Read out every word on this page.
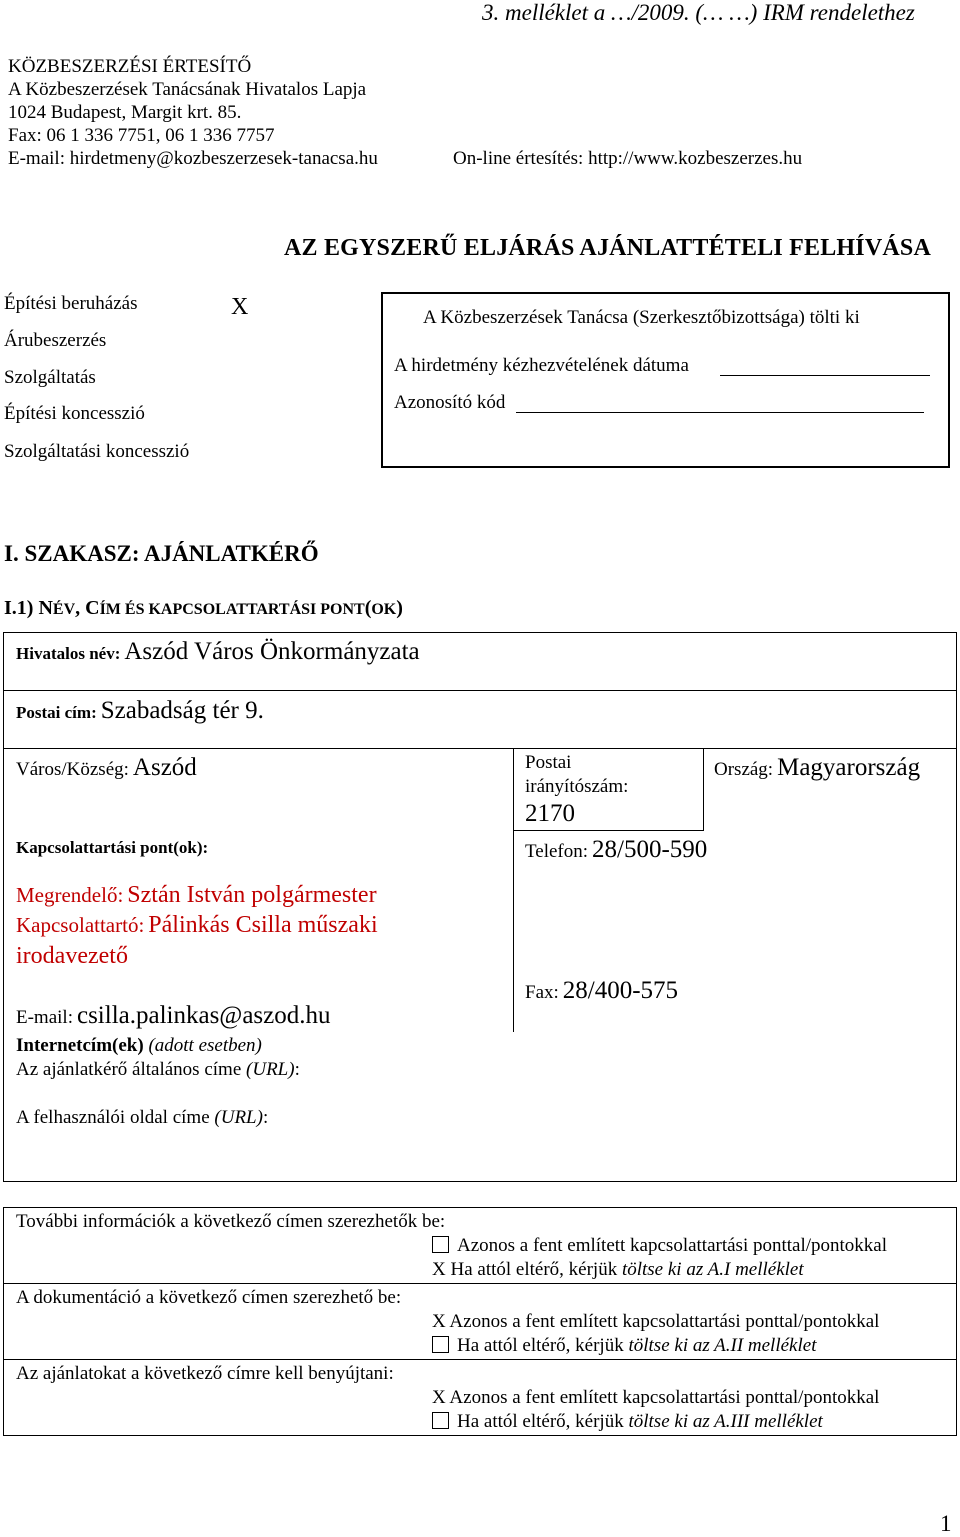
3. melléklet a …/2009. (… …) IRM rendelethez
KÖZBESZERZÉSI ÉRTESÍTŐ
A Közbeszerzések Tanácsának Hivatalos Lapja
1024 Budapest, Margit krt. 85.
Fax: 06 1 336 7751, 06 1 336 7757
E-mail: hirdetmeny@kozbeszerzesek-tanacsa.hu	On-line értesítés: http://www.kozbeszerzes.hu
AZ EGYSZERŰ ELJÁRÁS AJÁNLATTÉTELI FELHÍVÁSA
Építési beruházás	X
Árubeszerzés
Szolgáltatás
Építési koncesszió
Szolgáltatási koncesszió
A Közbeszerzések Tanácsa (Szerkesztőbizottsága) tölti ki
A hirdetmény kézhezvételének dátuma
Azonosító kód
I. SZAKASZ: AJÁNLATKÉRŐ
I.1) NÉV, CÍM ÉS KAPCSOLATTARTÁSI PONT(OK)
Hivatalos név: Aszód Város Önkormányzata
Postai cím: Szabadság tér 9.
Város/Község: Aszód	Postai
irányítószám:
2170
Ország: Magyarország
Kapcsolattartási pont(ok):	Telefon: 28/500-590
Megrendelő: Sztán István polgármester
Kapcsolattartó: Pálinkás Csilla műszaki
irodavezető
Fax: 28/400-575
E-mail: csilla.palinkas@aszod.hu
Internetcím(ek) (adott esetben)
Az ajánlatkérő általános címe (URL):
A felhasználói oldal címe (URL):
További információk a következő címen szerezhetők be:
Azonos a fent említett kapcsolattartási ponttal/pontokkal
X Ha attól eltérő, kérjük töltse ki az A.I melléklet
A dokumentáció a következő címen szerezhető be:
X Azonos a fent említett kapcsolattartási ponttal/pontokkal
Ha attól eltérő, kérjük töltse ki az A.II melléklet
Az ajánlatokat a következő címre kell benyújtani:
X Azonos a fent említett kapcsolattartási ponttal/pontokkal
Ha attól eltérő, kérjük töltse ki az A.III melléklet
1
